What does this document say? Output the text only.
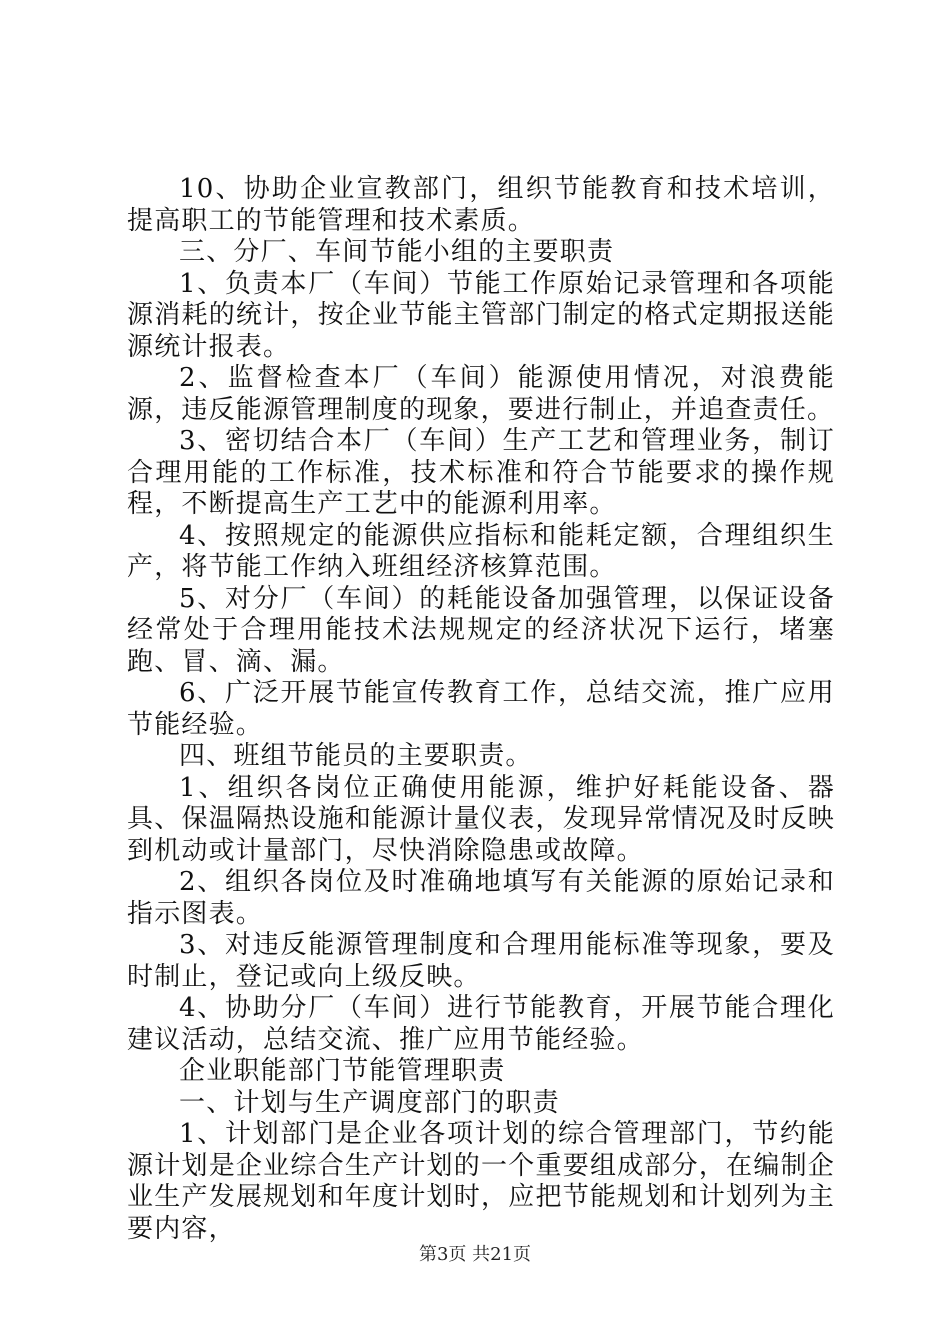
10、协助企业宣教部门，组织节能教育和技术培训，提高职工的节能管理和技术素质。

三、分厂、车间节能小组的主要职责

1、负责本厂（车间）节能工作原始记录管理和各项能源消耗的统计，按企业节能主管部门制定的格式定期报送能源统计报表。

2、监督检查本厂（车间）能源使用情况，对浪费能源，违反能源管理制度的现象，要进行制止，并追查责任。

3、密切结合本厂（车间）生产工艺和管理业务，制订合理用能的工作标准，技术标准和符合节能要求的操作规程，不断提高生产工艺中的能源利用率。

4、按照规定的能源供应指标和能耗定额，合理组织生产，将节能工作纳入班组经济核算范围。

5、对分厂（车间）的耗能设备加强管理，以保证设备经常处于合理用能技术法规规定的经济状况下运行，堵塞跑、冒、滴、漏。

6、广泛开展节能宣传教育工作，总结交流，推广应用节能经验。

四、班组节能员的主要职责。

1、组织各岗位正确使用能源，维护好耗能设备、器具、保温隔热设施和能源计量仪表，发现异常情况及时反映到机动或计量部门，尽快消除隐患或故障。

2、组织各岗位及时准确地填写有关能源的原始记录和指示图表。

3、对违反能源管理制度和合理用能标准等现象，要及时制止，登记或向上级反映。

4、协助分厂（车间）进行节能教育，开展节能合理化建议活动，总结交流、推广应用节能经验。

企业职能部门节能管理职责

一、计划与生产调度部门的职责

1、计划部门是企业各项计划的综合管理部门，节约能源计划是企业综合生产计划的一个重要组成部分，在编制企业生产发展规划和年度计划时，应把节能规划和计划列为主要内容，

第3页 共21页
